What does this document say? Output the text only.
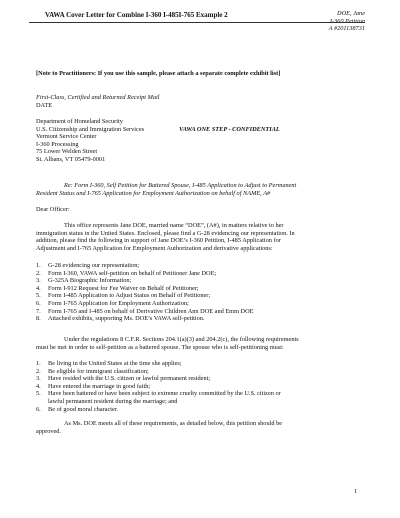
VAWA Cover Letter for Combine I-360 I-485I-765 Example 2	DOE, Jane
I-360 Petition
A #201138731
[Note to Practitioners: If you use this sample, please attach a separate complete exhibit list]
First-Class, Certified and Returned Receipt Mail
DATE
Department of Homeland Security
U.S. Citizenship and Immigration Services
Vermont Service Center
I-360 Processing
75 Lower Welden Street
St. Albans, VT 05479-0001
VAWA ONE STEP - CONFIDENTIAL
Re: Form I-360, Self Petition for Battered Spouse, I-485 Application to Adjust to Permanent
Resident Status and I-765 Application for Employment Authorization on behalf of NAME, A#
Dear Officer:
This office represents Jane DOE, married name “DOE”, (A#), in matters relative to her
immigration status in the United States. Enclosed, please find a G-28 evidencing our representation. In
addition, please find the following in support of Jane DOE’s I-360 Petition, I-485 Application for
Adjustment and I-765 Application for Employment Authorization and derivative applications:
1.	G-28 evidencing our representation;
2.	Form I-360, VAWA self-petition on behalf of Petitioner Jane DOE;
3.	G-325A Biographic Information;
4.	Form I-912 Request for Fee Waiver on Behalf of Petitioner;
5.	Form I-485 Application to Adjust Status on Behalf of Petitioner;
6.	Form I-765 Application for Employment Authorization;
7.	Form I-765 and I-485 on behalf of Derivative Children Ann DOE and Emm DOE
8.	Attached exhibits, supporting Ms. DOE’s VAWA self-petition.
Under the regulations 8 C.F.R. Sections 204.1(a)(3) and 204.2(c), the following requirements
must be met in order to self-petition as a battered spouse. The spouse who is self-petitioning must:
1.	Be living in the United States at the time she applies;
2.	Be eligible for immigrant classification;
3.	Have resided with the U.S. citizen or lawful permanent resident;
4.	Have entered the marriage in good faith;
5.	Have been battered or have been subject to extreme cruelty committed by the U.S. citizen or
lawful permanent resident during the marriage; and
6.	Be of good moral character.
As Ms. DOE meets all of these requirements, as detailed below, this petition should be
approved.
1
